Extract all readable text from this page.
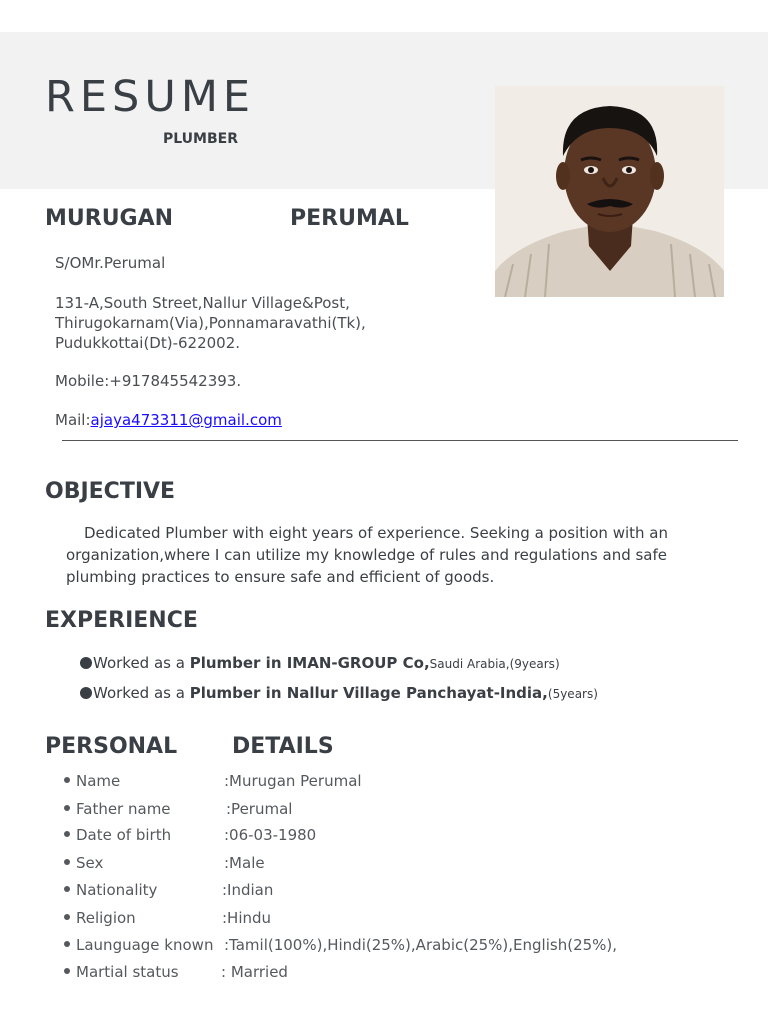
RESUME
PLUMBER
MURUGAN	PERUMAL
S/OMr.Perumal
131-A,South Street,Nallur Village&Post,
Thirugokarnam(Via),Ponnamaravathi(Tk),
Pudukkottai(Dt)-622002.
Mobile:+917845542393.
Mail:ajaya473311@gmail.com
OBJECTIVE
Dedicated Plumber with eight years of experience. Seeking a position with an
organization,where I can utilize my knowledge of rules and regulations and safe
plumbing practices to ensure safe and efficient of goods.
EXPERIENCE
Worked as a Plumber in IMAN-GROUP Co,Saudi Arabia,(9years)
Worked as a Plumber in Nallur Village Panchayat-India,(5years)
PERSONAL DETAILS
Name	:Murugan Perumal
Father name	:Perumal
Date of birth	:06-03-1980
Sex	:Male
Nationality	:Indian
Religion	:Hindu
Launguage known :Tamil(100%),Hindi(25%),Arabic(25%),English(25%),
Martial status	: Married
